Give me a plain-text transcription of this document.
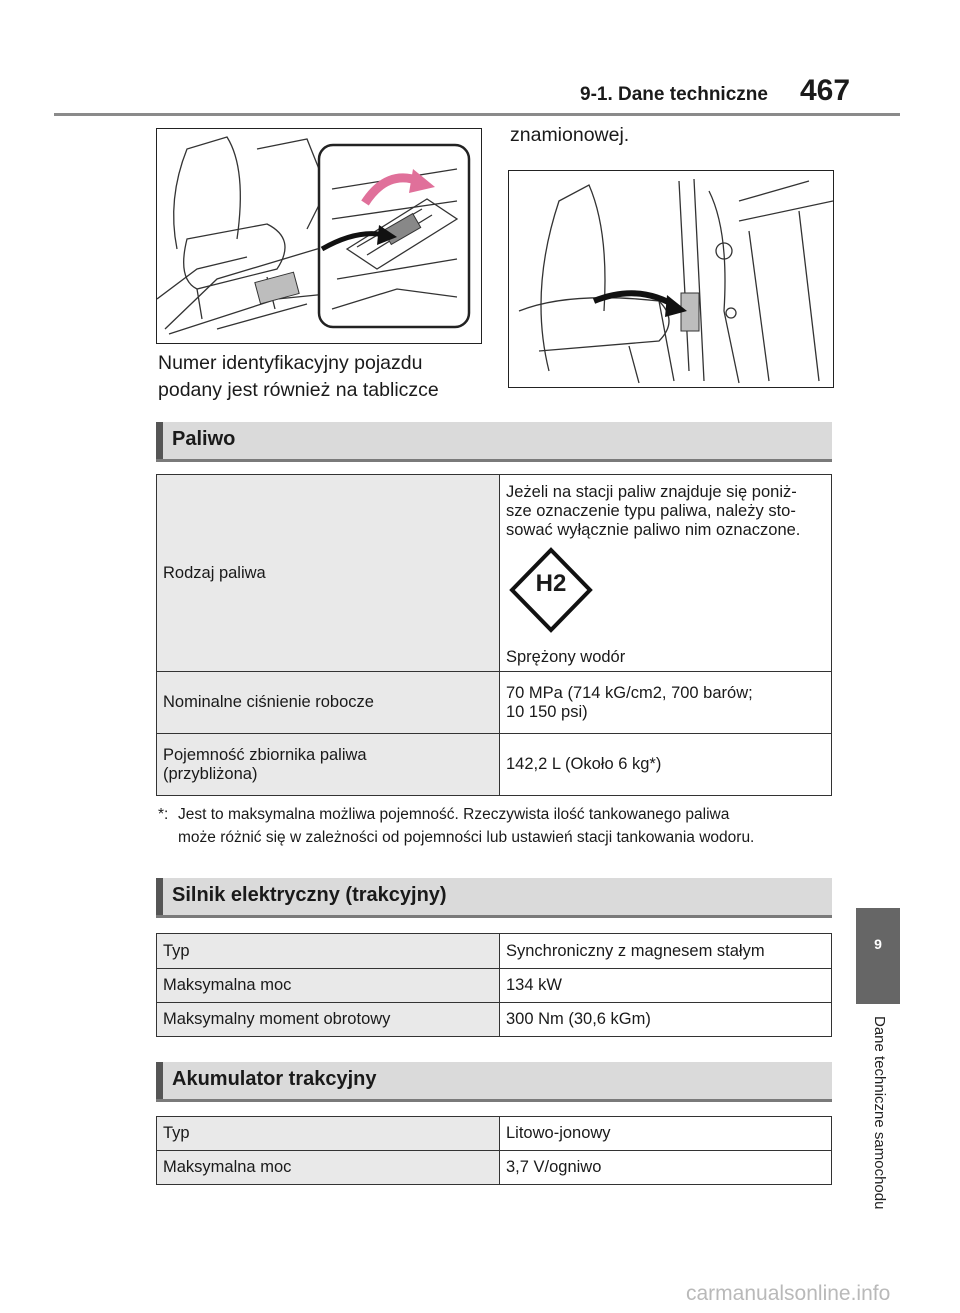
9-1. Dane techniczne 467
Numer identyfikacyjny pojazdu
podany jest również na tabliczce
znamionowej.
Paliwo
Rodzaj paliwa	Jeżeli na stacji paliw znajduje się poniż-
sze oznaczenie typu paliwa, należy sto-
sować wyłącznie paliwo nim oznaczone.
H2
Sprężony wodór

Nominalne ciśnienie robocze	70 MPa (714 kG/cm2, 700 barów;
10 150 psi)

Pojemność zbiornika paliwa
(przybliżona)	142,2 L (Około 6 kg*)
*: Jest to maksymalna możliwa pojemność. Rzeczywista ilość tankowanego paliwa
może różnić się w zależności od pojemności lub ustawień stacji tankowania wodoru.
Silnik elektryczny (trakcyjny)
Typ	Synchroniczny z magnesem stałym
Maksymalna moc	134 kW
Maksymalny moment obrotowy	300 Nm (30,6 kGm)
Akumulator trakcyjny
Typ	Litowo-jonowy
Maksymalna moc	3,7 V/ogniwo
9
Dane techniczne samochodu
carmanualsonline.info
